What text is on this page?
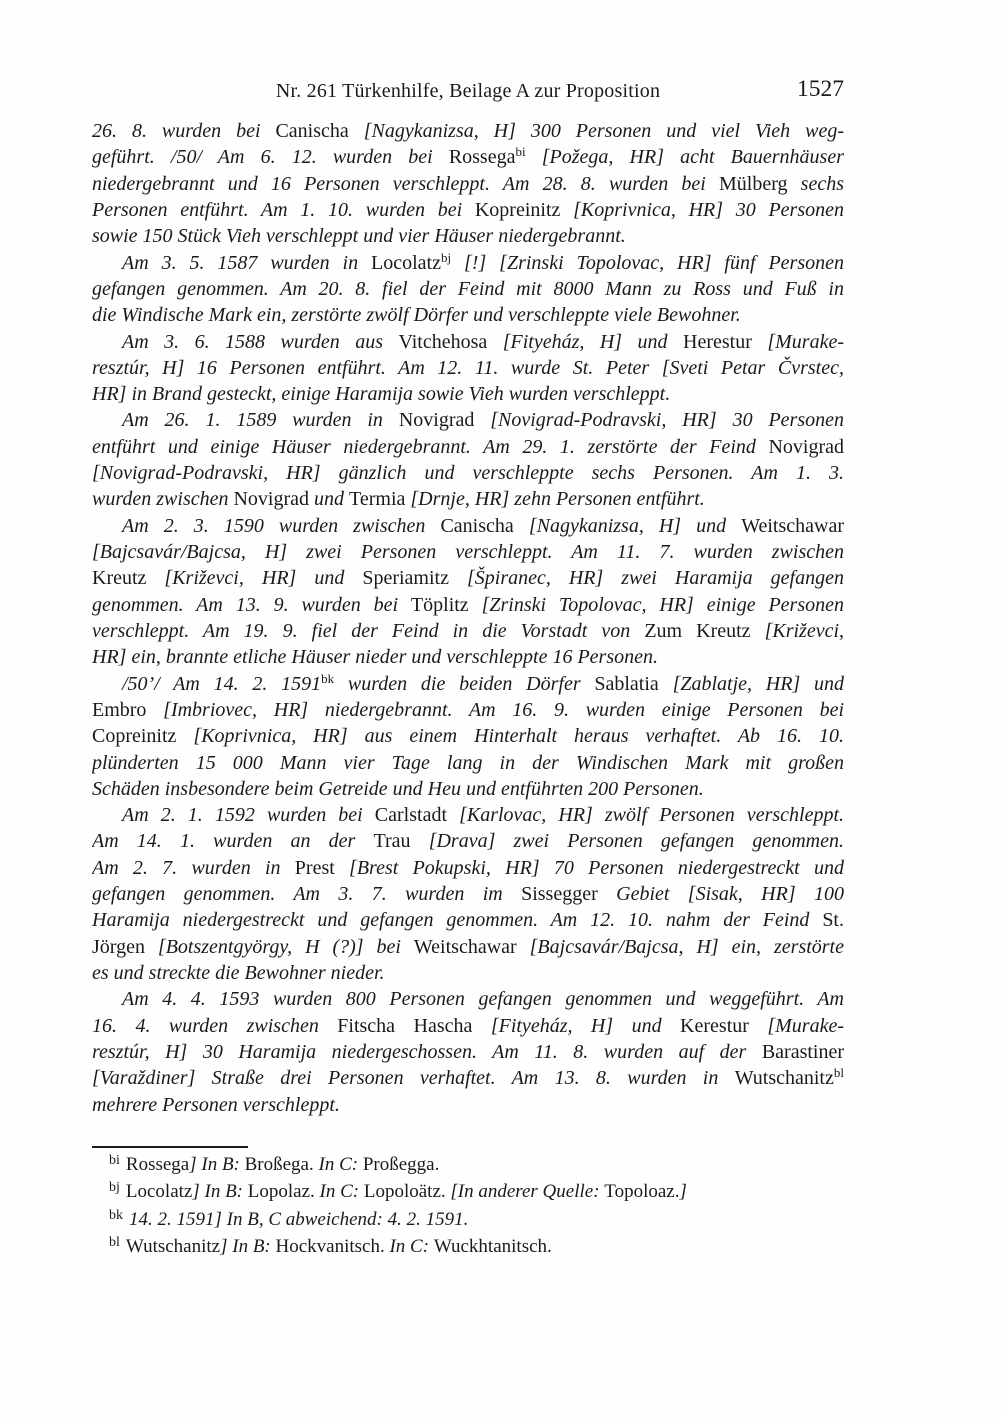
Nr. 261 Türkenhilfe, Beilage A zur Proposition	1527
26. 8. wurden bei Canischa [Nagykanizsa, H] 300 Personen und viel Vieh weg-
geführt. /50/ Am 6. 12. wurden bei Rossega$^{bi}$ [Požega, HR] acht Bauernhäuser
niedergebrannt und 16 Personen verschleppt. Am 28. 8. wurden bei Mülberg sechs
Personen entführt. Am 1. 10. wurden bei Kopreinitz [Koprivnica, HR] 30 Personen
sowie 150 Stück Vieh verschleppt und vier Häuser niedergebrannt.
Am 3. 5. 1587 wurden in Locolatz$^{bj}$ [!] [Zrinski Topolovac, HR] fünf Personen
gefangen genommen. Am 20. 8. fiel der Feind mit 8000 Mann zu Ross und Fuß in
die Windische Mark ein, zerstörte zwölf Dörfer und verschleppte viele Bewohner.
Am 3. 6. 1588 wurden aus Vitchehosa [Fityeház, H] und Herestur [Murake-
resztúr, H] 16 Personen entführt. Am 12. 11. wurde St. Peter [Sveti Petar Čvrstec,
HR] in Brand gesteckt, einige Haramija sowie Vieh wurden verschleppt.
Am 26. 1. 1589 wurden in Novigrad [Novigrad-Podravski, HR] 30 Personen
entführt und einige Häuser niedergebrannt. Am 29. 1. zerstörte der Feind Novigrad
[Novigrad-Podravski, HR] gänzlich und verschleppte sechs Personen. Am 1. 3.
wurden zwischen Novigrad und Termia [Drnje, HR] zehn Personen entführt.
Am 2. 3. 1590 wurden zwischen Canischa [Nagykanizsa, H] und Weitschawar
[Bajcsavár/Bajcsa, H] zwei Personen verschleppt. Am 11. 7. wurden zwischen
Kreutz [Križevci, HR] und Speriamitz [Špiranec, HR] zwei Haramija gefangen
genommen. Am 13. 9. wurden bei Töplitz [Zrinski Topolovac, HR] einige Personen
verschleppt. Am 19. 9. fiel der Feind in die Vorstadt von Zum Kreutz [Križevci,
HR] ein, brannte etliche Häuser nieder und verschleppte 16 Personen.
/50’/ Am 14. 2. $1591^{bk}$ wurden die beiden Dörfer Sablatia [Zablatje, HR] und
Embro [Imbriovec, HR] niedergebrannt. Am 16. 9. wurden einige Personen bei
Copreinitz [Koprivnica, HR] aus einem Hinterhalt heraus verhaftet. Ab 16. 10.
plünderten 15 000 Mann vier Tage lang in der Windischen Mark mit großen
Schäden insbesondere beim Getreide und Heu und entführten 200 Personen.
Am 2. 1. 1592 wurden bei Carlstadt [Karlovac, HR] zwölf Personen verschleppt.
Am 14. 1. wurden an der Trau [Drava] zwei Personen gefangen genommen.
Am 2. 7. wurden in Prest [Brest Pokupski, HR] 70 Personen niedergestreckt und
gefangen genommen. Am 3. 7. wurden im Sissegger Gebiet [Sisak, HR] 100
Haramija niedergestreckt und gefangen genommen. Am 12. 10. nahm der Feind St.
Jörgen [Botszentgyörgy, H (?)] bei Weitschawar [Bajcsavár/Bajcsa, H] ein, zerstörte
es und streckte die Bewohner nieder.
Am 4. 4. 1593 wurden 800 Personen gefangen genommen und weggeführt. Am
16. 4. wurden zwischen Fitscha Hascha [Fityeház, H] und Kerestur [Murake-
resztúr, H] 30 Haramija niedergeschossen. Am 11. 8. wurden auf der Barastiner
[Varaždiner] Straße drei Personen verhaftet. Am 13. 8. wurden in Wutschanitz$^{bl}$
mehrere Personen verschleppt.
$^{bi}$ Rossega] In B: Broßega. In C: Proßegga.
$^{bj}$ Locolatz] In B: Lopolaz. In C: Lopoloätz. [In anderer Quelle: Topoloaz.]
$^{bk}$ 14. 2. 1591] In B, C abweichend: 4. 2. 1591.
$^{bl}$ Wutschanitz] In B: Hockvanitsch. In C: Wuckhtanitsch.
